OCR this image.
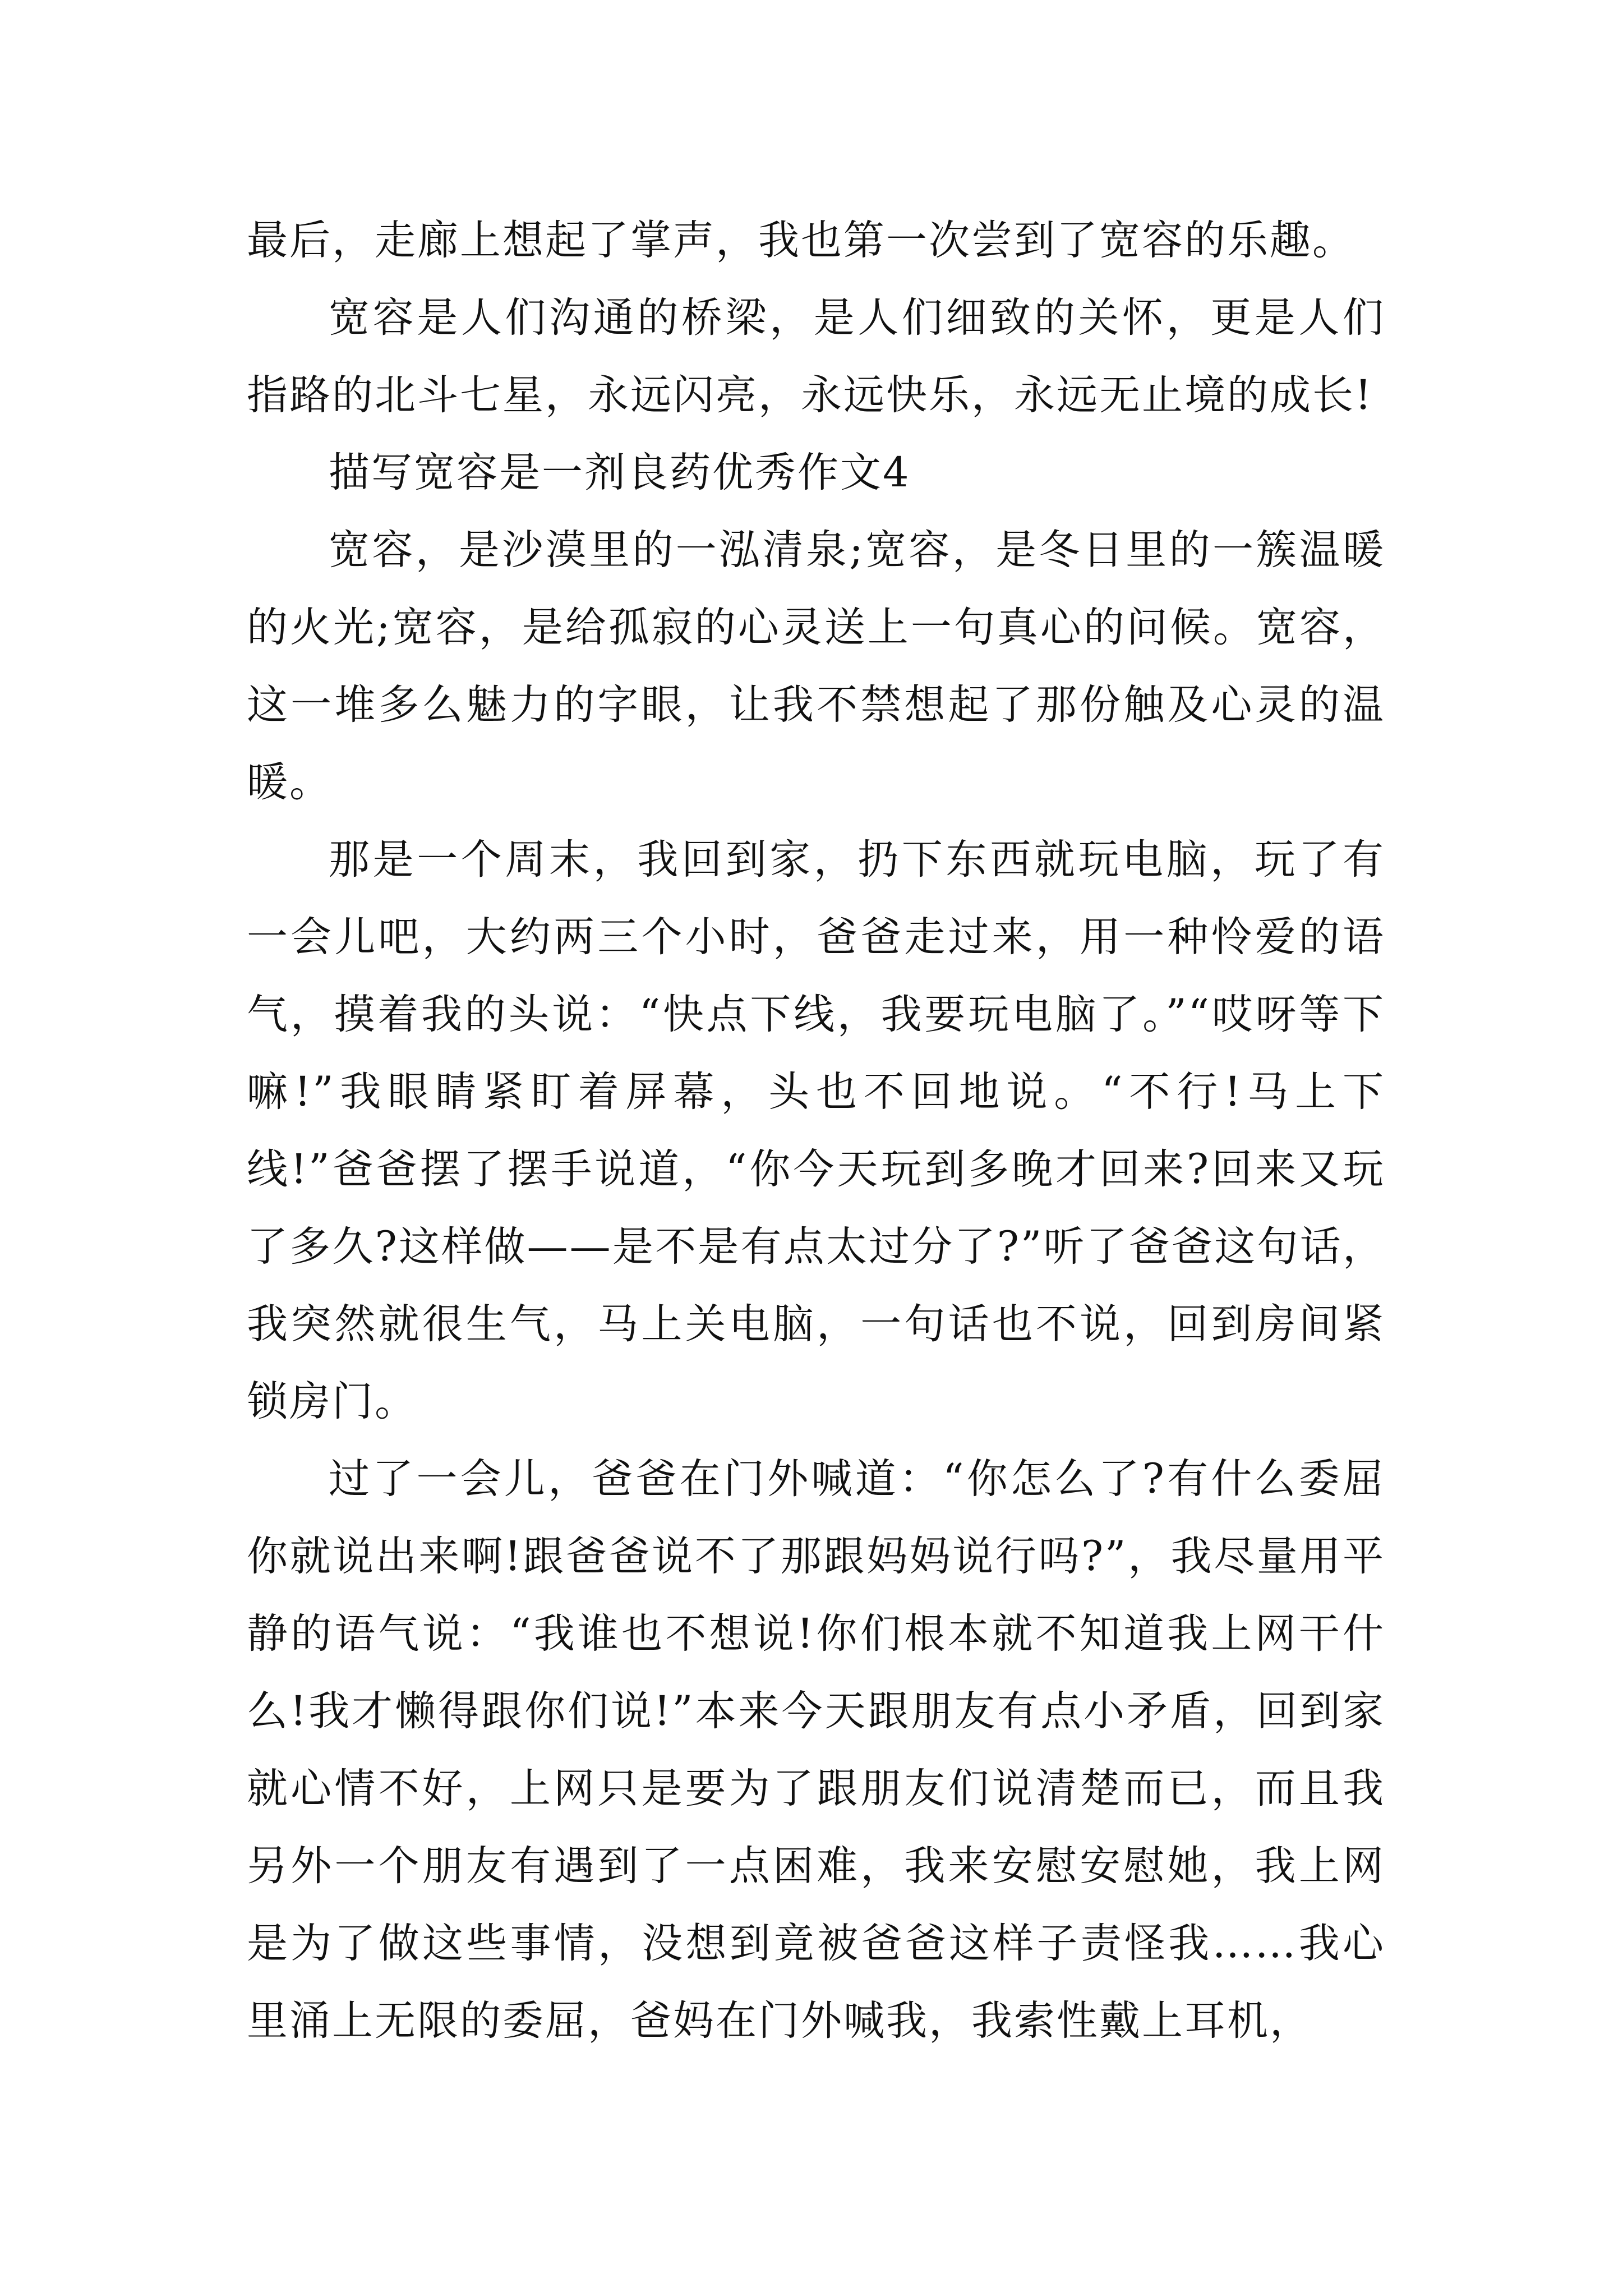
最后，走廊上想起了掌声，我也第一次尝到了宽容的乐趣。

宽容是人们沟通的桥梁，是人们细致的关怀，更是人们指路的北斗七星，永远闪亮，永远快乐，永远无止境的成长!

描写宽容是一剂良药优秀作文4

宽容，是沙漠里的一泓清泉;宽容，是冬日里的一簇温暖的火光;宽容，是给孤寂的心灵送上一句真心的问候。宽容，这一堆多么魅力的字眼，让我不禁想起了那份触及心灵的温暖。

那是一个周末，我回到家，扔下东西就玩电脑，玩了有一会儿吧，大约两三个小时，爸爸走过来，用一种怜爱的语气，摸着我的头说：“快点下线，我要玩电脑了。”“哎呀等下嘛!”我眼睛紧盯着屏幕，头也不回地说。“不行!马上下线!”爸爸摆了摆手说道，“你今天玩到多晚才回来?回来又玩了多久?这样做——是不是有点太过分了?”听了爸爸这句话，我突然就很生气，马上关电脑，一句话也不说，回到房间紧锁房门。

过了一会儿，爸爸在门外喊道：“你怎么了?有什么委屈你就说出来啊!跟爸爸说不了那跟妈妈说行吗?”，我尽量用平静的语气说：“我谁也不想说!你们根本就不知道我上网干什么!我才懒得跟你们说!”本来今天跟朋友有点小矛盾，回到家就心情不好，上网只是要为了跟朋友们说清楚而已，而且我另外一个朋友有遇到了一点困难，我来安慰安慰她，我上网是为了做这些事情，没想到竟被爸爸这样子责怪我……我心里涌上无限的委屈，爸妈在门外喊我，我索性戴上耳机，
